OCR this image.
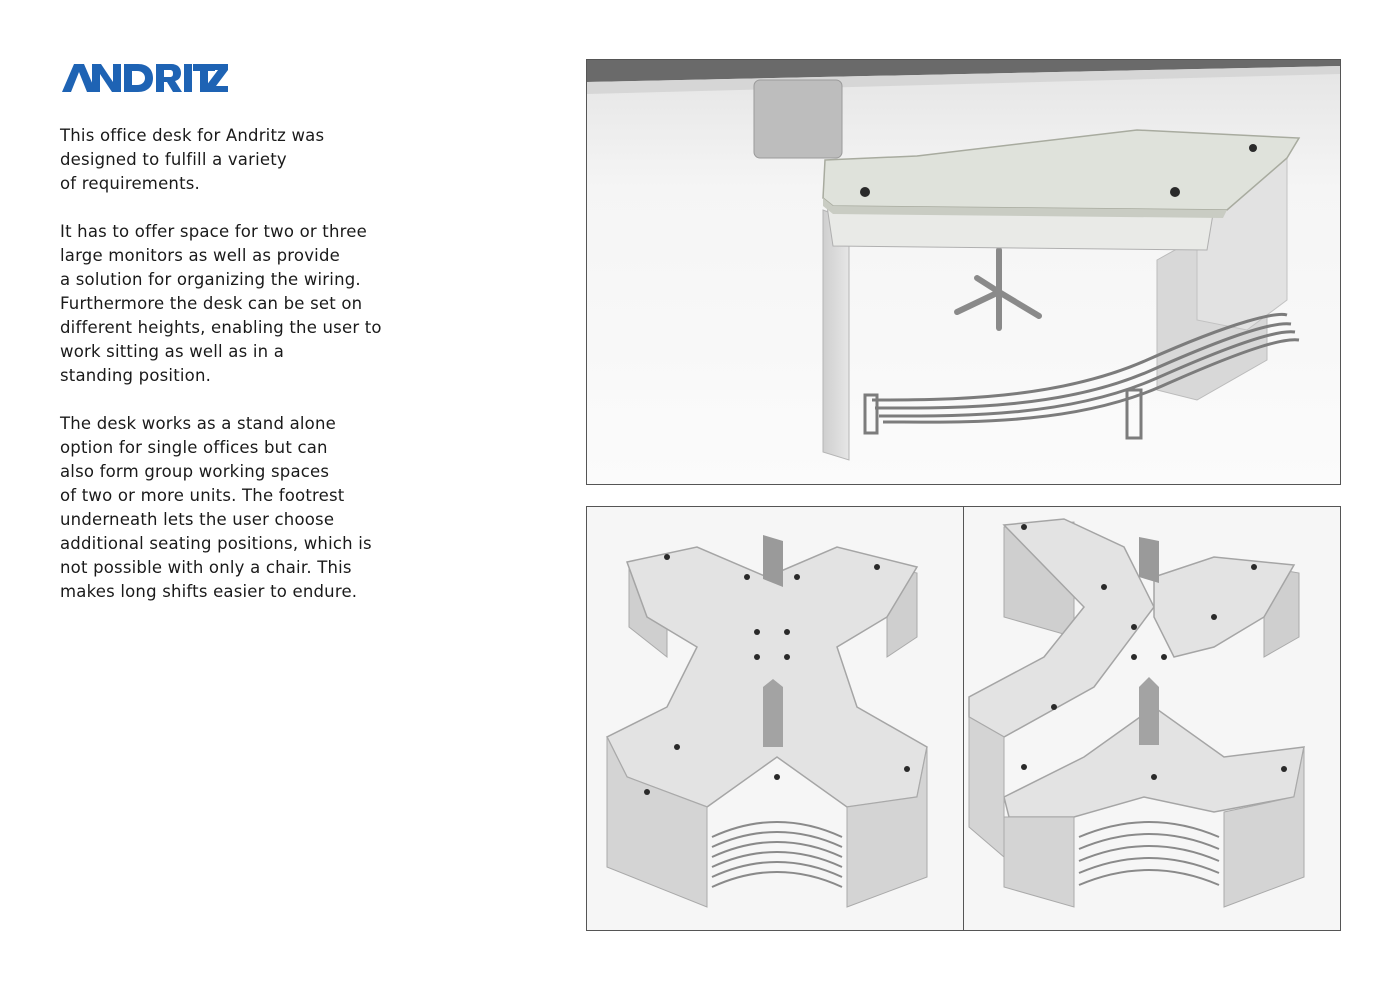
This office desk for Andritz was
designed to fulfill a variety
of requirements.

It has to offer space for two or three
large monitors as well as provide
a solution for organizing the wiring.
Furthermore the desk can be set on
different heights, enabling the user to
work sitting as well as in a
standing position.

The desk works as a stand alone
option for single offices but can
also form group working spaces
of two or more units. The footrest
underneath lets the user choose
additional seating positions, which is
not possible with only a chair. This
makes long shifts easier to endure.
